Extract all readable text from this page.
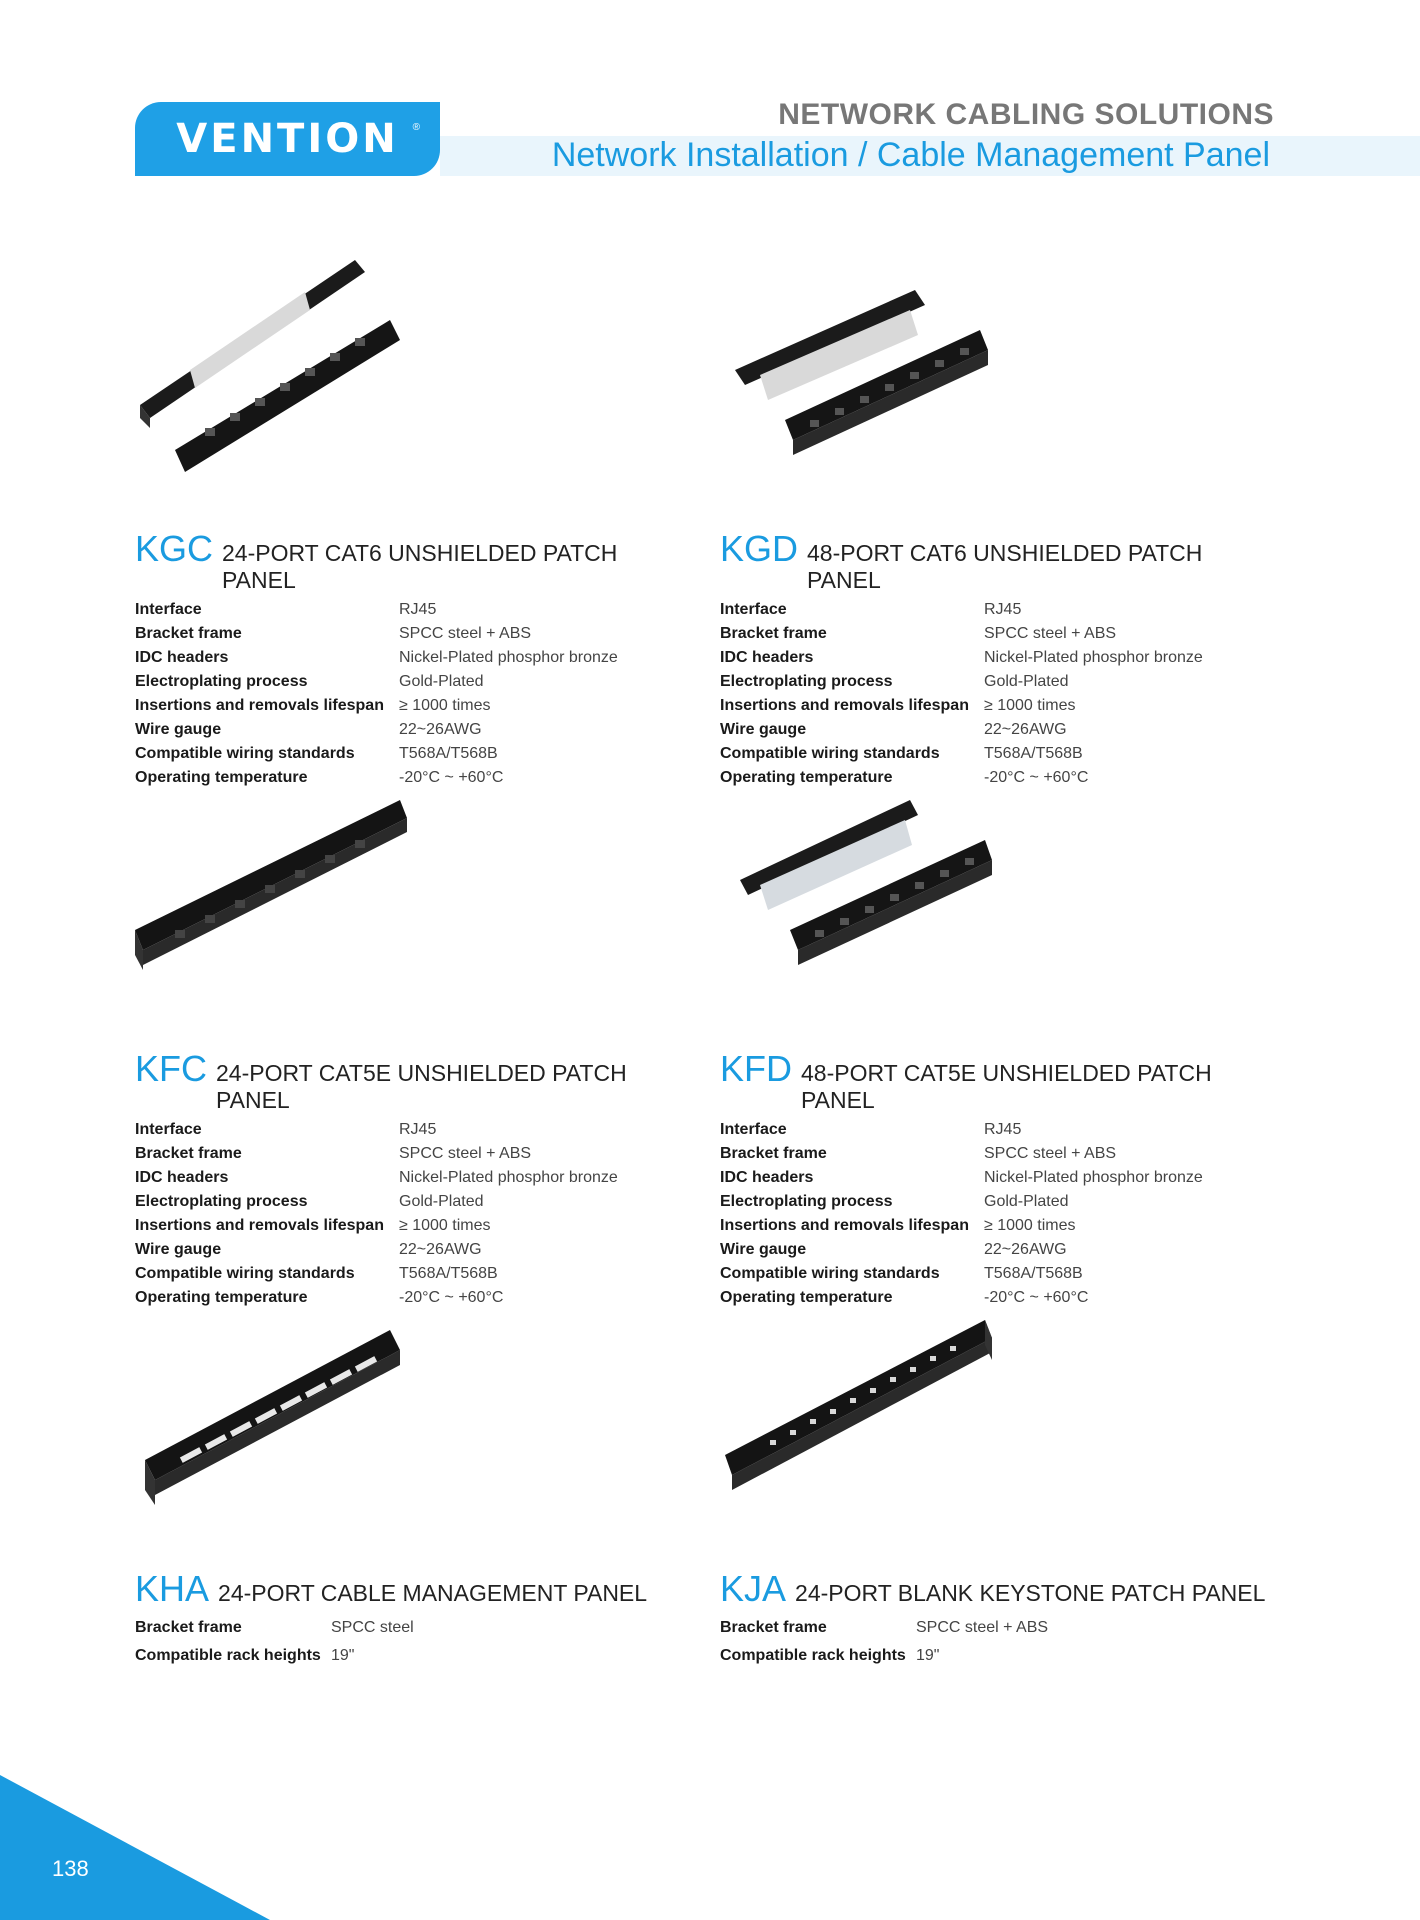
VENTION ®	NETWORK CABLING SOLUTIONS
Network Installation / Cable Management Panel
KGC 24-PORT CAT6 UNSHIELDED PATCH PANEL
Interface	RJ45
Bracket frame	SPCC steel + ABS
IDC headers	Nickel-Plated phosphor bronze
Electroplating process	Gold-Plated
Insertions and removals lifespan ≥ 1000 times
Wire gauge	22~26AWG
Compatible wiring standards	T568A/T568B
Operating temperature	-20°C ~ +60°C
KGD 48-PORT CAT6 UNSHIELDED PATCH PANEL
Interface	RJ45
Bracket frame	SPCC steel + ABS
IDC headers	Nickel-Plated phosphor bronze
Electroplating process	Gold-Plated
Insertions and removals lifespan ≥ 1000 times
Wire gauge	22~26AWG
Compatible wiring standards	T568A/T568B
Operating temperature	-20°C ~ +60°C
KFC 24-PORT CAT5E UNSHIELDED PATCH PANEL
Interface	RJ45
Bracket frame	SPCC steel + ABS
IDC headers	Nickel-Plated phosphor bronze
Electroplating process	Gold-Plated
Insertions and removals lifespan ≥ 1000 times
Wire gauge	22~26AWG
Compatible wiring standards	T568A/T568B
Operating temperature	-20°C ~ +60°C
KFD 48-PORT CAT5E UNSHIELDED PATCH PANEL
Interface	RJ45
Bracket frame	SPCC steel + ABS
IDC headers	Nickel-Plated phosphor bronze
Electroplating process	Gold-Plated
Insertions and removals lifespan ≥ 1000 times
Wire gauge	22~26AWG
Compatible wiring standards	T568A/T568B
Operating temperature	-20°C ~ +60°C
KHA 24-PORT CABLE MANAGEMENT PANEL
Bracket frame	SPCC steel
Compatible rack heights 19"
KJA 24-PORT BLANK KEYSTONE PATCH PANEL
Bracket frame	SPCC steel + ABS
Compatible rack heights 19"
138
